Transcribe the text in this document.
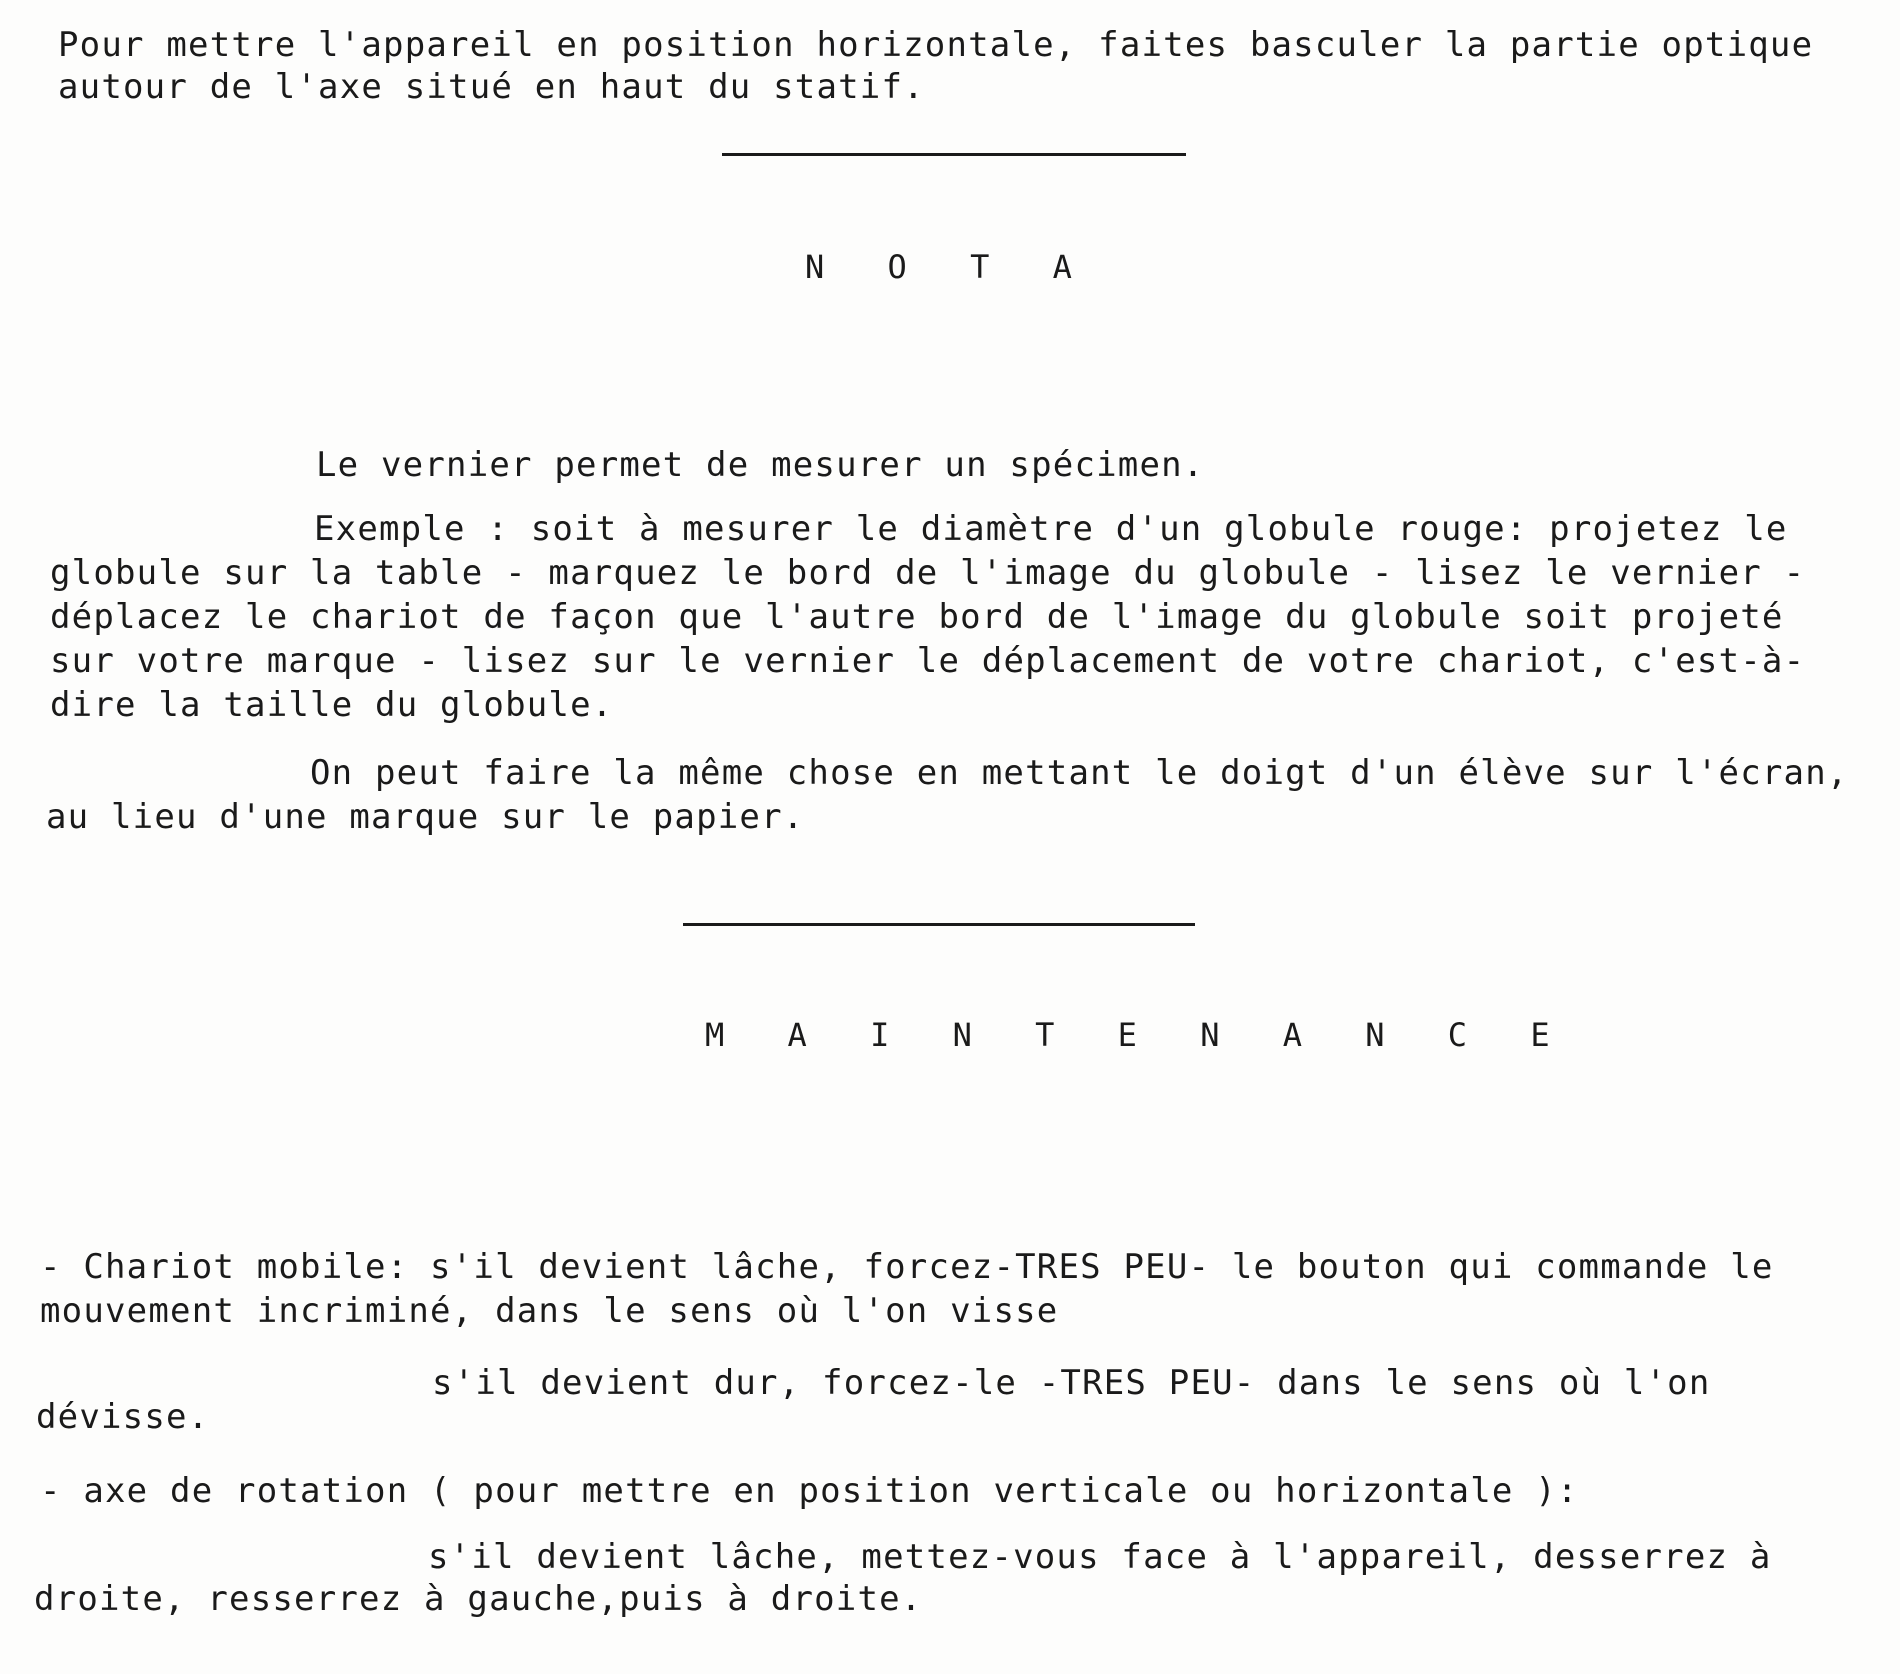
Pour mettre l'appareil en position horizontale, faites basculer la partie optique
autour de l'axe situé en haut du statif.
N O T A
Le vernier permet de mesurer un spécimen.
Exemple : soit à mesurer le diamètre d'un globule rouge: projetez le
globule sur la table - marquez le bord de l'image du globule - lisez le vernier -
déplacez le chariot de façon que l'autre bord de l'image du globule soit projeté
sur votre marque - lisez sur le vernier le déplacement de votre chariot, c'est-à-
dire la taille du globule.
On peut faire la même chose en mettant le doigt d'un élève sur l'écran,
au lieu d'une marque sur le papier.
M A I N T E N A N C E
- Chariot mobile: s'il devient lâche, forcez-TRES PEU- le bouton qui commande le
mouvement incriminé, dans le sens où l'on visse
s'il devient dur, forcez-le -TRES PEU- dans le sens où l'on
dévisse.
- axe de rotation ( pour mettre en position verticale ou horizontale ):
s'il devient lâche, mettez-vous face à l'appareil, desserrez à
droite, resserrez à gauche,puis à droite.
